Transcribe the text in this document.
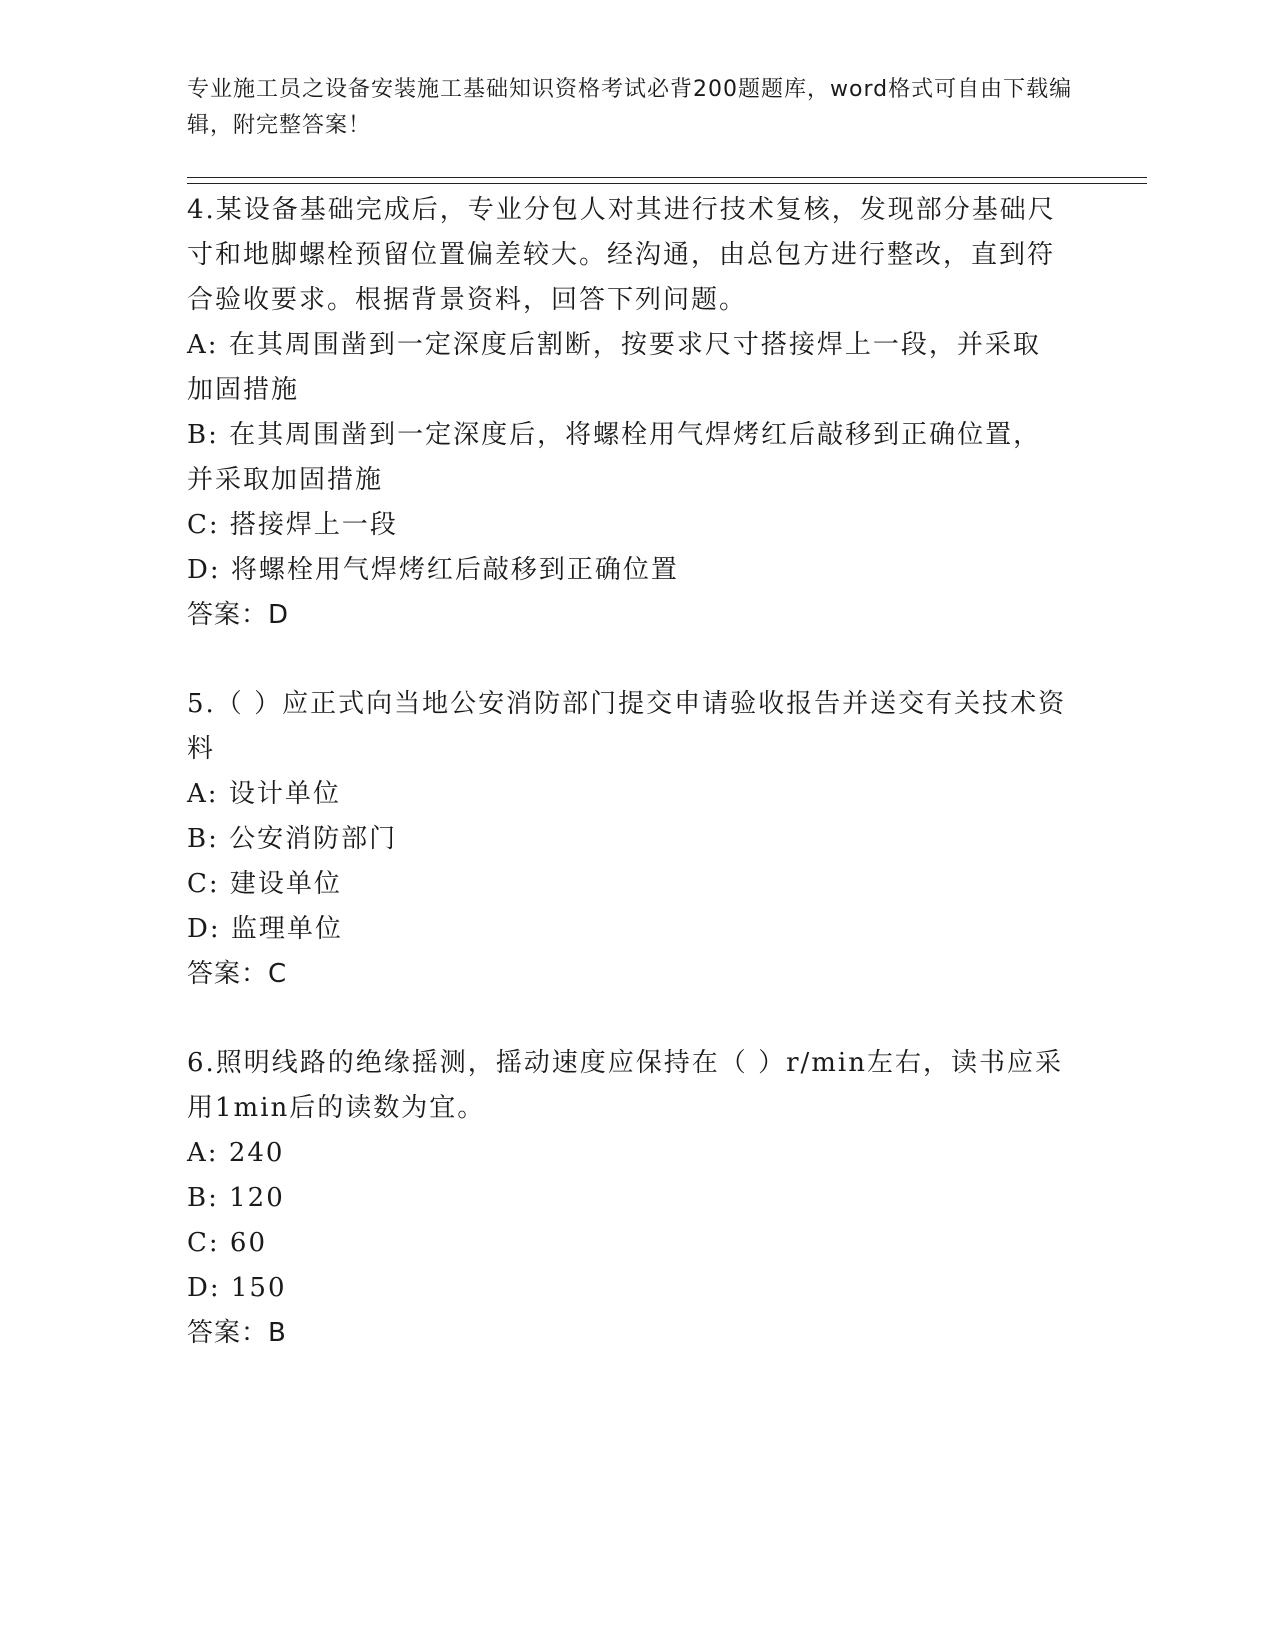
专业施工员之设备安装施工基础知识资格考试必背200题题库，word格式可自由下载编辑，附完整答案！

4.某设备基础完成后，专业分包人对其进行技术复核，发现部分基础尺寸和地脚螺栓预留位置偏差较大。经沟通，由总包方进行整改，直到符合验收要求。根据背景资料，回答下列问题。

A: 在其周围凿到一定深度后割断，按要求尺寸搭接焊上一段，并采取加固措施

B: 在其周围凿到一定深度后，将螺栓用气焊烤红后敲移到正确位置，并采取加固措施

C: 搭接焊上一段

D: 将螺栓用气焊烤红后敲移到正确位置

答案：D

5.（ ）应正式向当地公安消防部门提交申请验收报告并送交有关技术资料

A: 设计单位

B: 公安消防部门

C: 建设单位

D: 监理单位

答案：C

6.照明线路的绝缘摇测，摇动速度应保持在（ ）r/min左右，读书应采用1min后的读数为宜。

A: 240

B: 120

C: 60

D: 150

答案：B
